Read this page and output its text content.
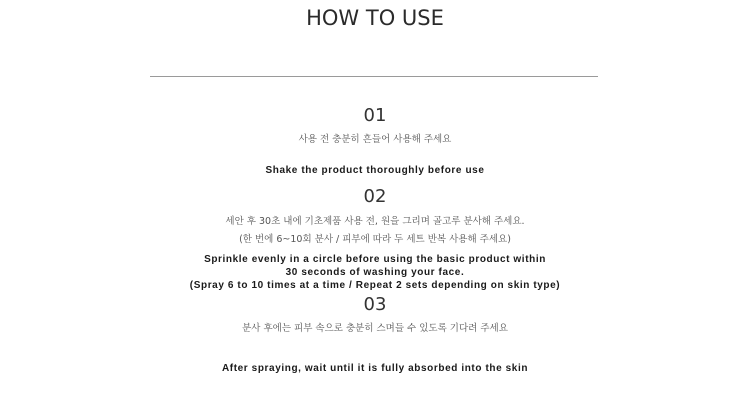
HOW TO USE
01
사용 전 충분히 흔들어 사용해 주세요
Shake the product thoroughly before use
02
세안 후 30초 내에 기초제품 사용 전, 원을 그리며 골고루 분사해 주세요.
(한 번에 6~10회 분사 / 피부에 따라 두 세트 반복 사용해 주세요)
Sprinkle evenly in a circle before using the basic product within
30 seconds of washing your face.
(Spray 6 to 10 times at a time / Repeat 2 sets depending on skin type)
03
분사 후에는 피부 속으로 충분히 스며들 수 있도록 기다려 주세요
After spraying, wait until it is fully absorbed into the skin
